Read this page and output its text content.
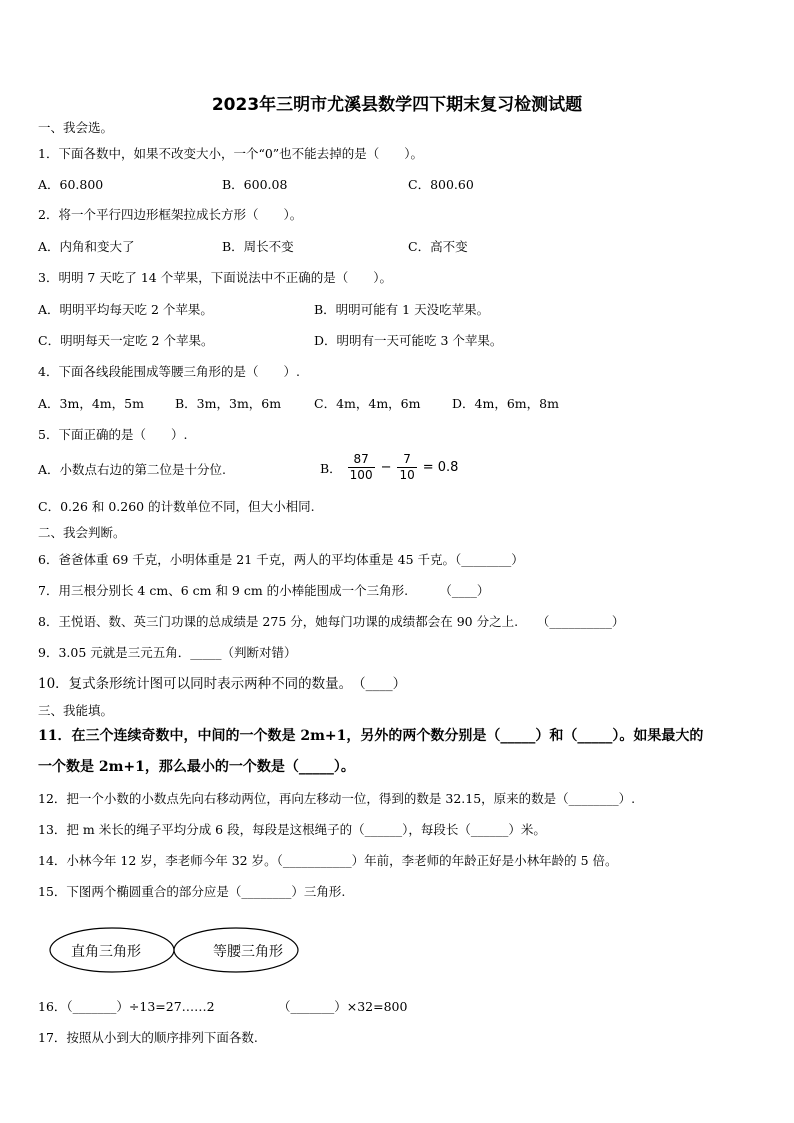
2023年三明市尤溪县数学四下期末复习检测试题
一、我会选。
1．下面各数中，如果不改变大小，一个“0”也不能去掉的是（　　）。
A．60.800	B．600.08	C．800.60
2．将一个平行四边形框架拉成长方形（　　）。
A．内角和变大了	B．周长不变	C．高不变
3．明明 7 天吃了 14 个苹果，下面说法中不正确的是（　　）。
A．明明平均每天吃 2 个苹果。	B．明明可能有 1 天没吃苹果。
C．明明每天一定吃 2 个苹果。	D．明明有一天可能吃 3 个苹果。
4．下面各线段能围成等腰三角形的是（　　）.
A．3m，4m，5m B．3m，3m，6m	C．4m，4m，6m	D．4m，6m，8m
5．下面正确的是（　　）.
A．小数点右边的第二位是十分位.	B． $\frac{87}{100} - \frac{7}{10} = 0.8$
C．0.26 和 0.260 的计数单位不同，但大小相同.
二、我会判断。
6．爸爸体重 69 千克，小明体重是 21 千克，两人的平均体重是 45 千克。（________）
7．用三根分别长 4 cm、6 cm 和 9 cm 的小棒能围成一个三角形.　　　（____）
8．王悦语、数、英三门功课的总成绩是 275 分，她每门功课的成绩都会在 90 分之上.　　（__________）
9．3.05 元就是三元五角．_____（判断对错）
10．复式条形统计图可以同时表示两种不同的数量。　（____）
三、我能填。
11．在三个连续奇数中，中间的一个数是 2m+1，另外的两个数分别是（_____）和（_____）。如果最大的
一个数是 2m+1，那么最小的一个数是（_____）。
12．把一个小数的小数点先向右移动两位，再向左移动一位，得到的数是 32.15，原来的数是（________）.
13．把 m 米长的绳子平均分成 6 段，每段是这根绳子的（______），每段长（______）米。
14．小林今年 12 岁，李老师今年 32 岁。（___________）年前，李老师的年龄正好是小林年龄的 5 倍。
15．下图两个椭圆重合的部分应是（________）三角形.
直角三角形	等腰三角形
16．（_______）÷13=27……2	（_______）×32=800
17．按照从小到大的顺序排列下面各数.
